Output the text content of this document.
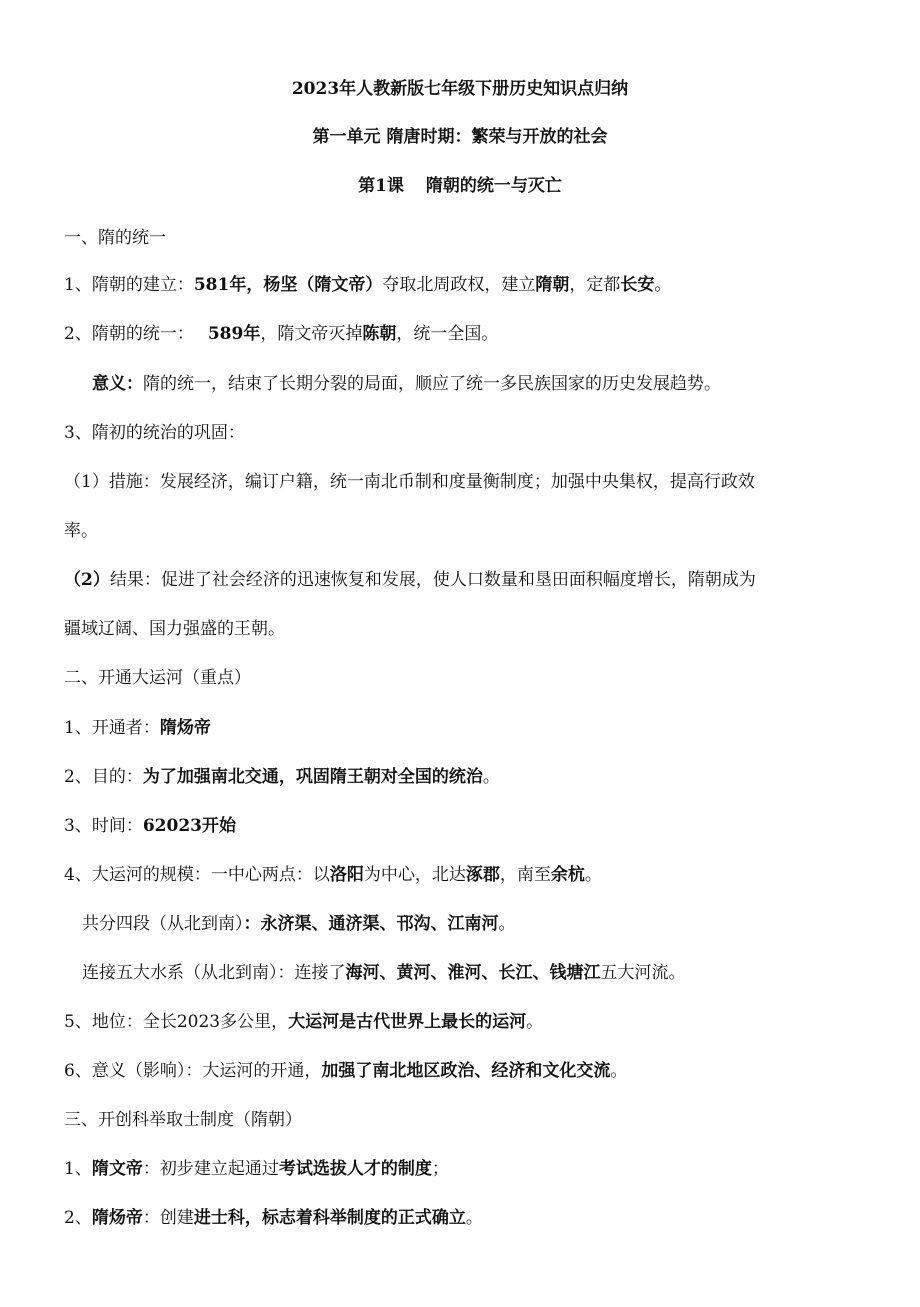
2023年人教新版七年级下册历史知识点归纳
第一单元 隋唐时期：繁荣与开放的社会
第1课 隋朝的统一与灭亡
一、隋的统一
1、隋朝的建立：581年，杨坚（隋文帝）夺取北周政权，建立隋朝，定都长安。
2、隋朝的统一： 589年，隋文帝灭掉陈朝，统一全国。
意义：隋的统一，结束了长期分裂的局面，顺应了统一多民族国家的历史发展趋势。
3、隋初的统治的巩固：
（1）措施：发展经济，编订户籍，统一南北币制和度量衡制度；加强中央集权，提高行政效
率。
（2）结果：促进了社会经济的迅速恢复和发展，使人口数量和垦田面积幅度增长，隋朝成为
疆域辽阔、国力强盛的王朝。
二、开通大运河（重点）
1、开通者：隋炀帝
2、目的：为了加强南北交通，巩固隋王朝对全国的统治。
3、时间：62023开始
4、大运河的规模：一中心两点：以洛阳为中心，北达涿郡，南至余杭。
共分四段（从北到南）：永济渠、通济渠、邗沟、江南河。
连接五大水系（从北到南）：连接了海河、黄河、淮河、长江、钱塘江五大河流。
5、地位：全长2023多公里，大运河是古代世界上最长的运河。
6、意义（影响）：大运河的开通，加强了南北地区政治、经济和文化交流。
三、开创科举取士制度（隋朝）
1、隋文帝：初步建立起通过考试选拔人才的制度；
2、隋炀帝：创建进士科，标志着科举制度的正式确立。
